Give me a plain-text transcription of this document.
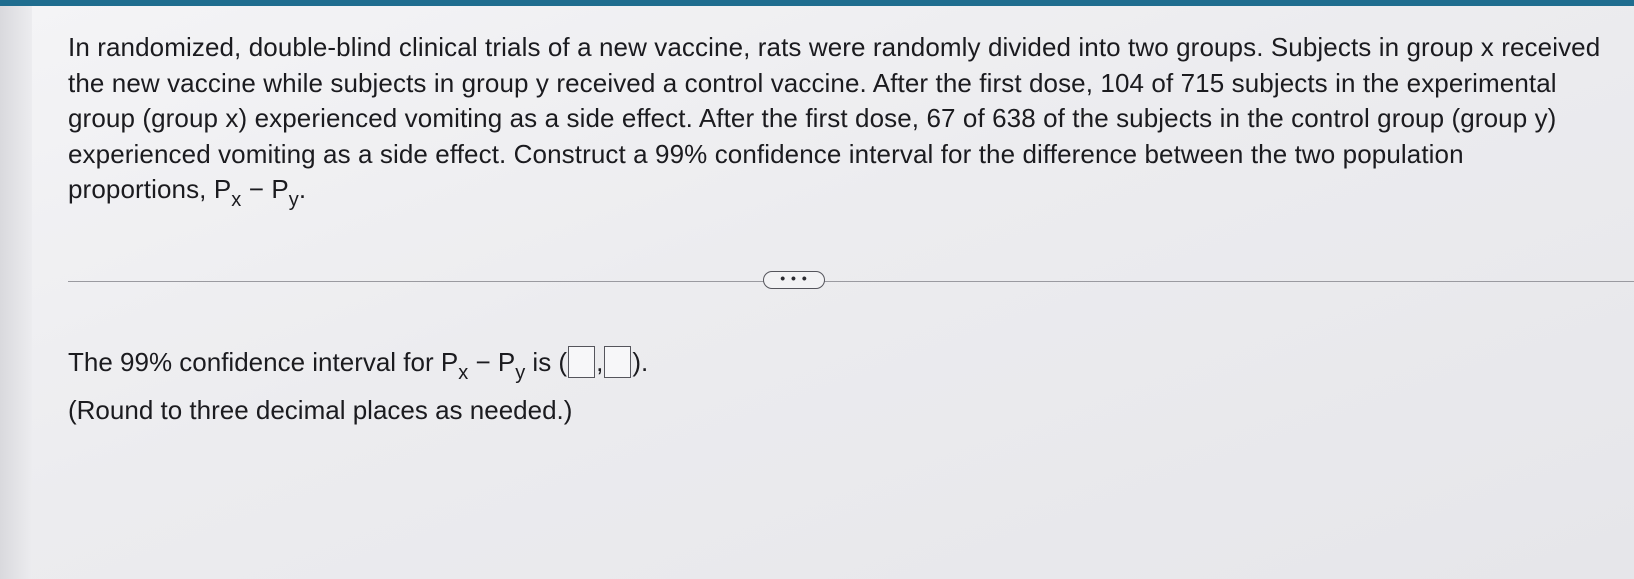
In randomized, double-blind clinical trials of a new vaccine, rats were randomly divided into two groups. Subjects in group x received the new vaccine while subjects in group y received a control vaccine. After the first dose, 104 of 715 subjects in the experimental group (group x) experienced vomiting as a side effect. After the first dose, 67 of 638 of the subjects in the control group (group y) experienced vomiting as a side effect. Construct a 99% confidence interval for the difference between the two population proportions, $P_x - P_y$.

• • •
The 99% confidence interval for $P_x - P_y$ is ( , ).
(Round to three decimal places as needed.)
